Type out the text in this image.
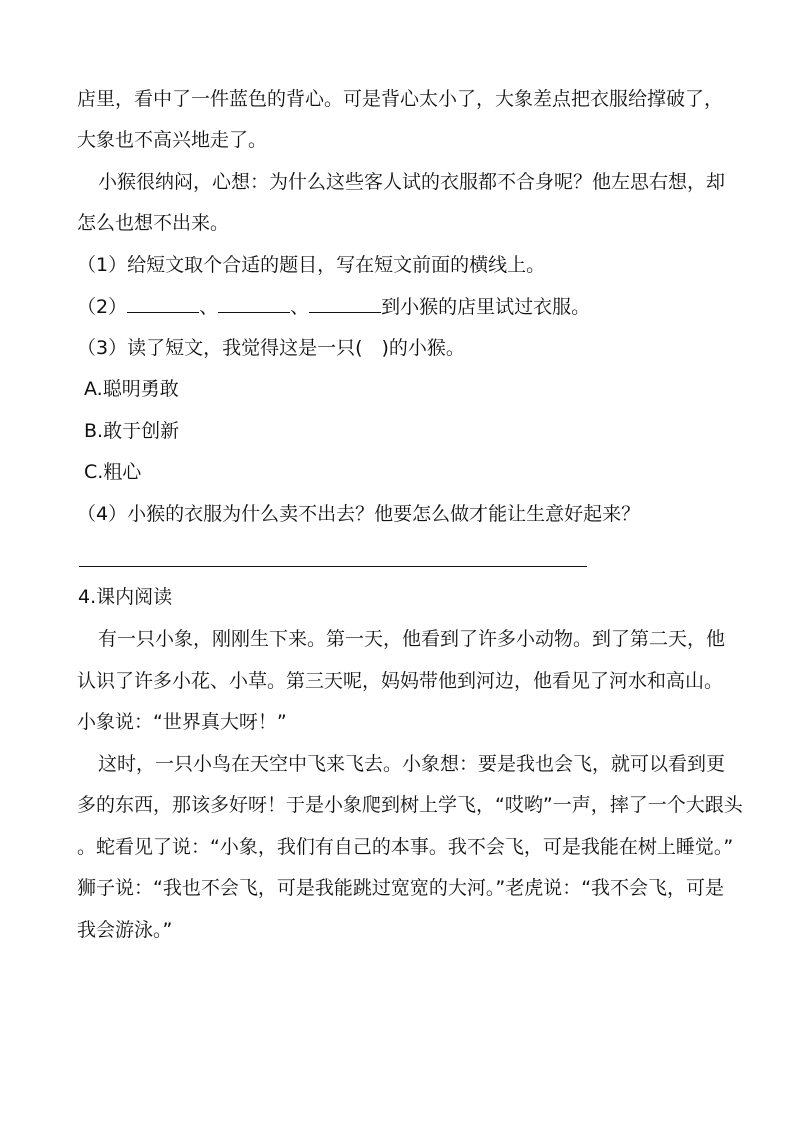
店里，看中了一件蓝色的背心。可是背心太小了，大象差点把衣服给撑破了，
大象也不高兴地走了。
小猴很纳闷，心想：为什么这些客人试的衣服都不合身呢？他左思右想，却
怎么也想不出来。
（1）给短文取个合适的题目，写在短文前面的横线上。
（2）	、	、	到小猴的店里试过衣服。
（3）读了短文，我觉得这是一只(　)的小猴。
A.聪明勇敢
B.敢于创新
C.粗心
（4）小猴的衣服为什么卖不出去？他要怎么做才能让生意好起来？
4.课内阅读
有一只小象，刚刚生下来。第一天，他看到了许多小动物。到了第二天，他
认识了许多小花、小草。第三天呢，妈妈带他到河边，他看见了河水和高山。
小象说：“世界真大呀！”
这时，一只小鸟在天空中飞来飞去。小象想：要是我也会飞，就可以看到更
多的东西，那该多好呀！于是小象爬到树上学飞，“哎哟”一声，摔了一个大跟头
。蛇看见了说：“小象，我们有自己的本事。我不会飞，可是我能在树上睡觉。”
狮子说：“我也不会飞，可是我能跳过宽宽的大河。”老虎说：“我不会飞，可是
我会游泳。”
